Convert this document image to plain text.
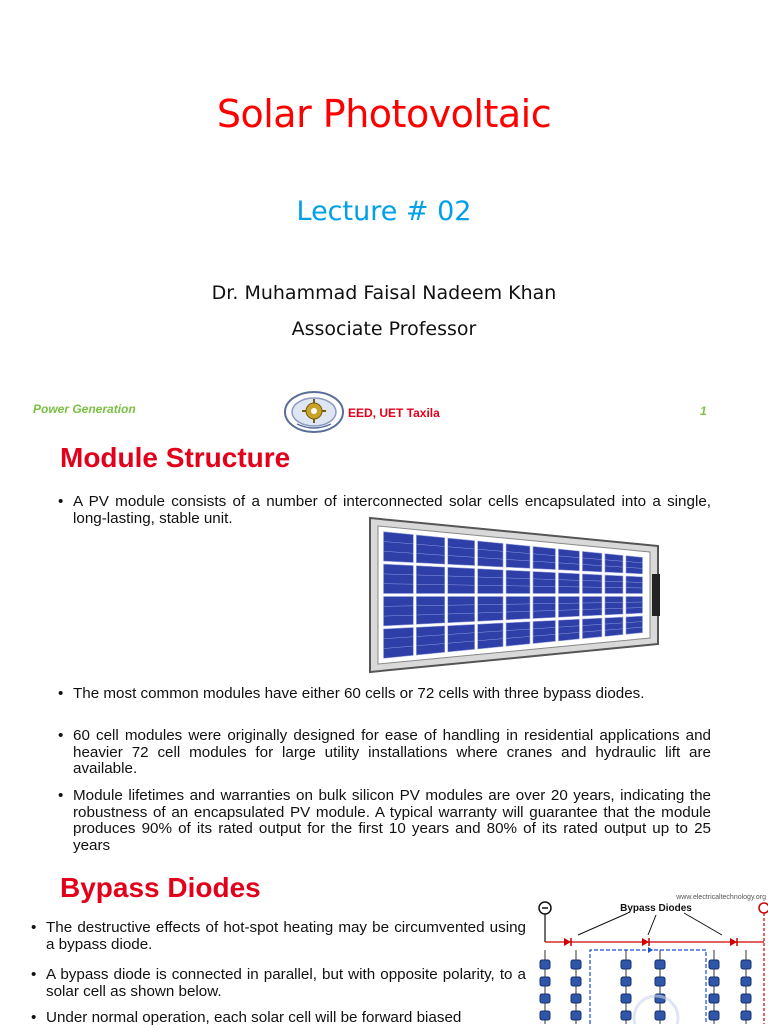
Solar Photovoltaic
Lecture # 02
Dr. Muhammad Faisal Nadeem Khan
Associate Professor
Power Generation	EED, UET Taxila	1
Module Structure
• A PV module consists of a number of interconnected solar cells encapsulated into a single, long-lasting, stable unit.
• The most common modules have either 60 cells or 72 cells with three bypass diodes.
• 60 cell modules were originally designed for ease of handling in residential applications and heavier 72 cell modules for large utility installations where cranes and hydraulic lift are available.
• Module lifetimes and warranties on bulk silicon PV modules are over 20 years, indicating the robustness of an encapsulated PV module. A typical warranty will guarantee that the module produces 90% of its rated output for the first 10 years and 80% of its rated output up to 25 years
Bypass Diodes
• The destructive effects of hot-spot heating may be circumvented using a bypass diode.
• A bypass diode is connected in parallel, but with opposite polarity, to a solar cell as shown below.
• Under normal operation, each solar cell will be forward biased
www.electricaltechnology.org
Bypass Diodes
